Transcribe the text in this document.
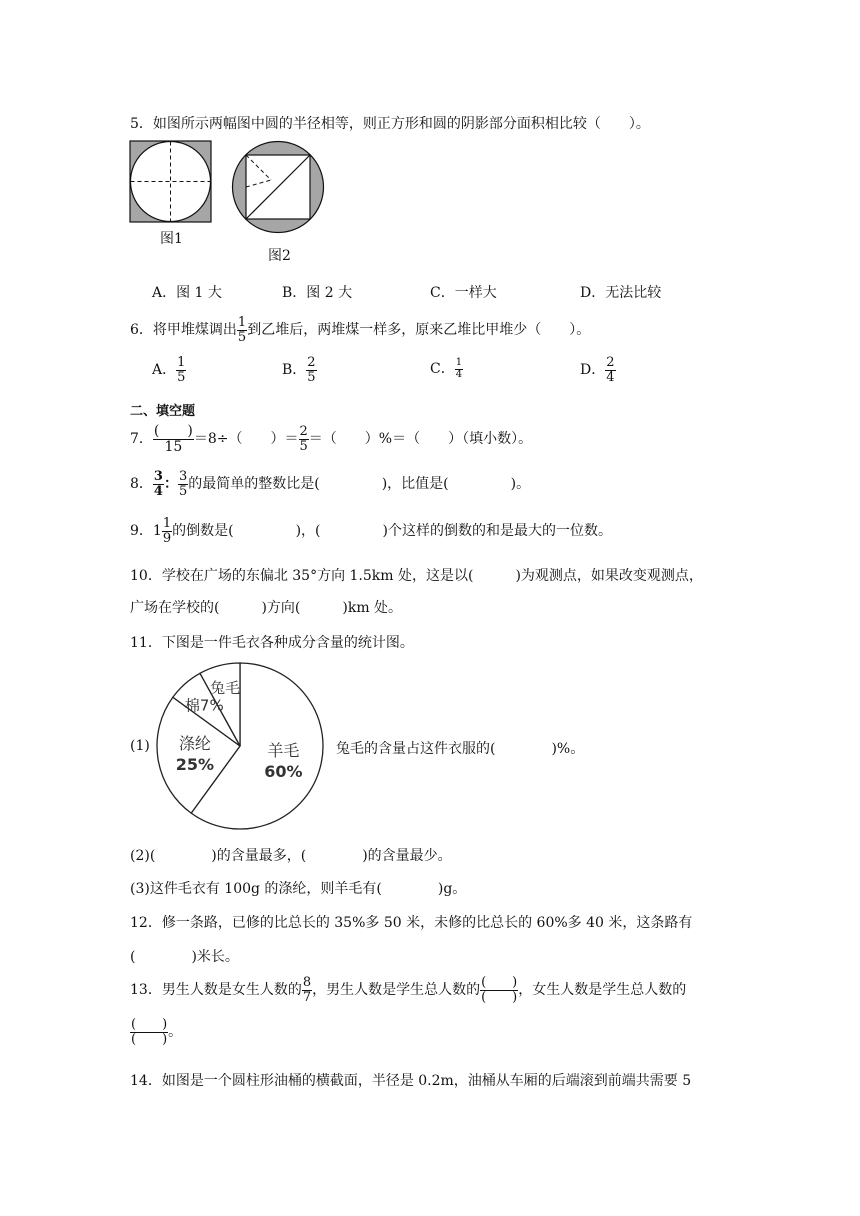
5．如图所示两幅图中圆的半径相等，则正方形和圆的阴影部分面积相比较（　　）。
图1
图2
A．图 1 大	B．图 2 大	C．一样大	D．无法比较
6．将甲堆煤调出 $\frac{1}{5}$ 到乙堆后，两堆煤一样多，原来乙堆比甲堆少（　　）。
A． $\frac{1}{5}$	B． $\frac{2}{5}$	C． $\frac{1}{4}$	D． $\frac{2}{4}$
二、填空题
7． $\frac{( )}{15} =8\div$（　　）＝ $\frac{2}{5}$ ＝（　　）%＝（　　）（填小数）。
8． $\frac{3}{4}$ ： $\frac{3}{5}$ 的最简单的整数比是(	)，比值是(	)。
9．$1 \frac{1}{9}$ 的倒数是(	)，(	)个这样的倒数的和是最大的一位数。
10．学校在广场的东偏北 35°方向 1.5km 处，这是以(　　　)为观测点，如果改变观测点，
广场在学校的(　　　)方向(　　　)km 处。
11．下图是一件毛衣各种成分含量的统计图。
(1)	羊毛
60%
涤纶
25%
棉7%
兔毛
兔毛的含量占这件衣服的(　　　　)%。
(2)(　　　　)的含量最多，(　　　　)的含量最少。
(3)这件毛衣有 100g 的涤纶，则羊毛有(　　　　)g。
12．修一条路，已修的比总长的 35%多 50 米，未修的比总长的 60%多 40 米，这条路有
(　　　　)米长。
13．男生人数是女生人数的 $\frac{8}{7}$ ，男生人数是学生总人数的 $\frac{( )}{( )}$ ，女生人数是学生总人数的
$\frac{( )}{( )}$ 。
14．如图是一个圆柱形油桶的横截面，半径是 0.2m，油桶从车厢的后端滚到前端共需要 5
